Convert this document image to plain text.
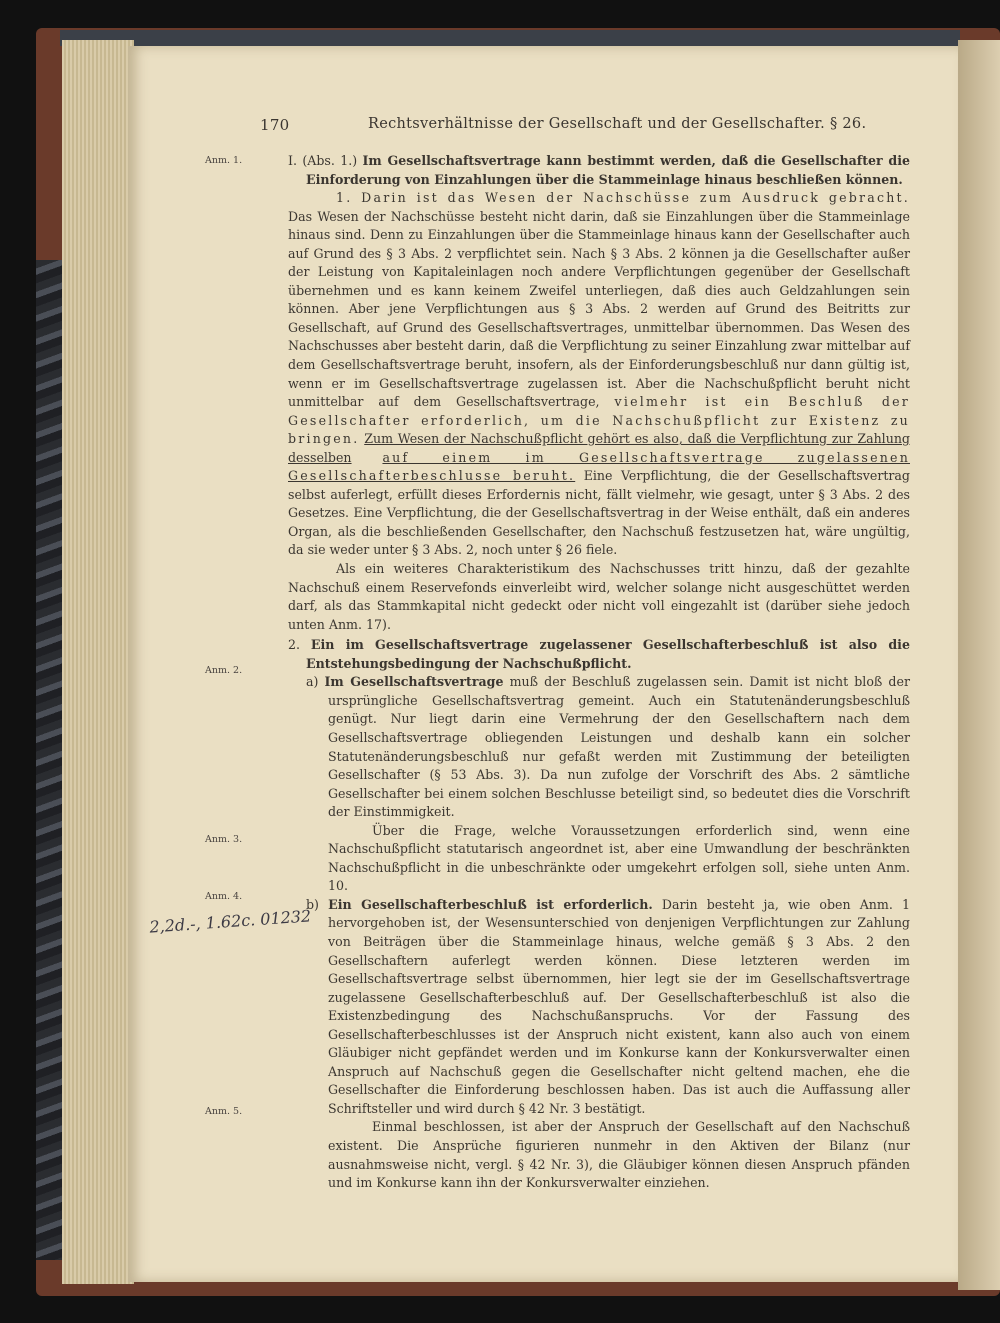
170	Rechtsverhältnisse der Gesellschaft und der Gesellschafter. § 26.
Anm. 1.
Anm. 2.
Anm. 3.
Anm. 4.
Anm. 5.
2,2d.-, 1.62c. 01232

I. (Abs. 1.) Im Gesellschaftsvertrage kann bestimmt werden, daß die Gesellschafter die Einforderung von Einzahlungen über die Stammeinlage hinaus beschließen können.

1. Darin ist das Wesen der Nachschüsse zum Ausdruck gebracht. Das Wesen der Nachschüsse besteht nicht darin, daß sie Einzahlungen über die Stammeinlage hinaus sind. Denn zu Einzahlungen über die Stammeinlage hinaus kann der Gesellschafter auch auf Grund des § 3 Abs. 2 verpflichtet sein. Nach § 3 Abs. 2 können ja die Gesellschafter außer der Leistung von Kapitaleinlagen noch andere Verpflichtungen gegenüber der Gesellschaft übernehmen und es kann keinem Zweifel unterliegen, daß dies auch Geldzahlungen sein können. Aber jene Verpflichtungen aus § 3 Abs. 2 werden auf Grund des Beitritts zur Gesellschaft, auf Grund des Gesellschaftsvertrages, unmittelbar übernommen. Das Wesen des Nachschusses aber besteht darin, daß die Verpflichtung zu seiner Einzahlung zwar mittelbar auf dem Gesellschaftsvertrage beruht, insofern, als der Einforderungsbeschluß nur dann gültig ist, wenn er im Gesellschaftsvertrage zugelassen ist. Aber die Nachschußpflicht beruht nicht unmittelbar auf dem Gesellschaftsvertrage, vielmehr ist ein Beschluß der Gesellschafter erforderlich, um die Nachschußpflicht zur Existenz zu bringen. Zum Wesen der Nachschußpflicht gehört es also, daß die Verpflichtung zur Zahlung desselben auf einem im Gesellschaftsvertrage zugelassenen Gesellschafterbeschlusse beruht. Eine Verpflichtung, die der Gesellschaftsvertrag selbst auferlegt, erfüllt dieses Erfordernis nicht, fällt vielmehr, wie gesagt, unter § 3 Abs. 2 des Gesetzes. Eine Verpflichtung, die der Gesellschaftsvertrag in der Weise enthält, daß ein anderes Organ, als die beschließenden Gesellschafter, den Nachschuß festzusetzen hat, wäre ungültig, da sie weder unter § 3 Abs. 2, noch unter § 26 fiele.

Als ein weiteres Charakteristikum des Nachschusses tritt hinzu, daß der gezahlte Nachschuß einem Reservefonds einverleibt wird, welcher solange nicht ausgeschüttet werden darf, als das Stammkapital nicht gedeckt oder nicht voll eingezahlt ist (darüber siehe jedoch unten Anm. 17).

2. Ein im Gesellschaftsvertrage zugelassener Gesellschafterbeschluß ist also die Entstehungsbedingung der Nachschußpflicht.

a) Im Gesellschaftsvertrage muß der Beschluß zugelassen sein. Damit ist nicht bloß der ursprüngliche Gesellschaftsvertrag gemeint. Auch ein Statutenänderungsbeschluß genügt. Nur liegt darin eine Vermehrung der den Gesellschaftern nach dem Gesellschaftsvertrage obliegenden Leistungen und deshalb kann ein solcher Statutenänderungsbeschluß nur gefaßt werden mit Zustimmung der beteiligten Gesellschafter (§ 53 Abs. 3). Da nun zufolge der Vorschrift des Abs. 2 sämtliche Gesellschafter bei einem solchen Beschlusse beteiligt sind, so bedeutet dies die Vorschrift der Einstimmigkeit.

Über die Frage, welche Voraussetzungen erforderlich sind, wenn eine Nachschußpflicht statutarisch angeordnet ist, aber eine Umwandlung der beschränkten Nachschußpflicht in die unbeschränkte oder umgekehrt erfolgen soll, siehe unten Anm. 10.

b) Ein Gesellschafterbeschluß ist erforderlich. Darin besteht ja, wie oben Anm. 1 hervorgehoben ist, der Wesensunterschied von denjenigen Verpflichtungen zur Zahlung von Beiträgen über die Stammeinlage hinaus, welche gemäß § 3 Abs. 2 den Gesellschaftern auferlegt werden können. Diese letzteren werden im Gesellschaftsvertrage selbst übernommen, hier legt sie der im Gesellschaftsvertrage zugelassene Gesellschafterbeschluß auf. Der Gesellschafterbeschluß ist also die Existenzbedingung des Nachschußanspruchs. Vor der Fassung des Gesellschafterbeschlusses ist der Anspruch nicht existent, kann also auch von einem Gläubiger nicht gepfändet werden und im Konkurse kann der Konkursverwalter einen Anspruch auf Nachschuß gegen die Gesellschafter nicht geltend machen, ehe die Gesellschafter die Einforderung beschlossen haben. Das ist auch die Auffassung aller Schriftsteller und wird durch § 42 Nr. 3 bestätigt.

Einmal beschlossen, ist aber der Anspruch der Gesellschaft auf den Nachschuß existent. Die Ansprüche figurieren nunmehr in den Aktiven der Bilanz (nur ausnahmsweise nicht, vergl. § 42 Nr. 3), die Gläubiger können diesen Anspruch pfänden und im Konkurse kann ihn der Konkursverwalter einziehen.
